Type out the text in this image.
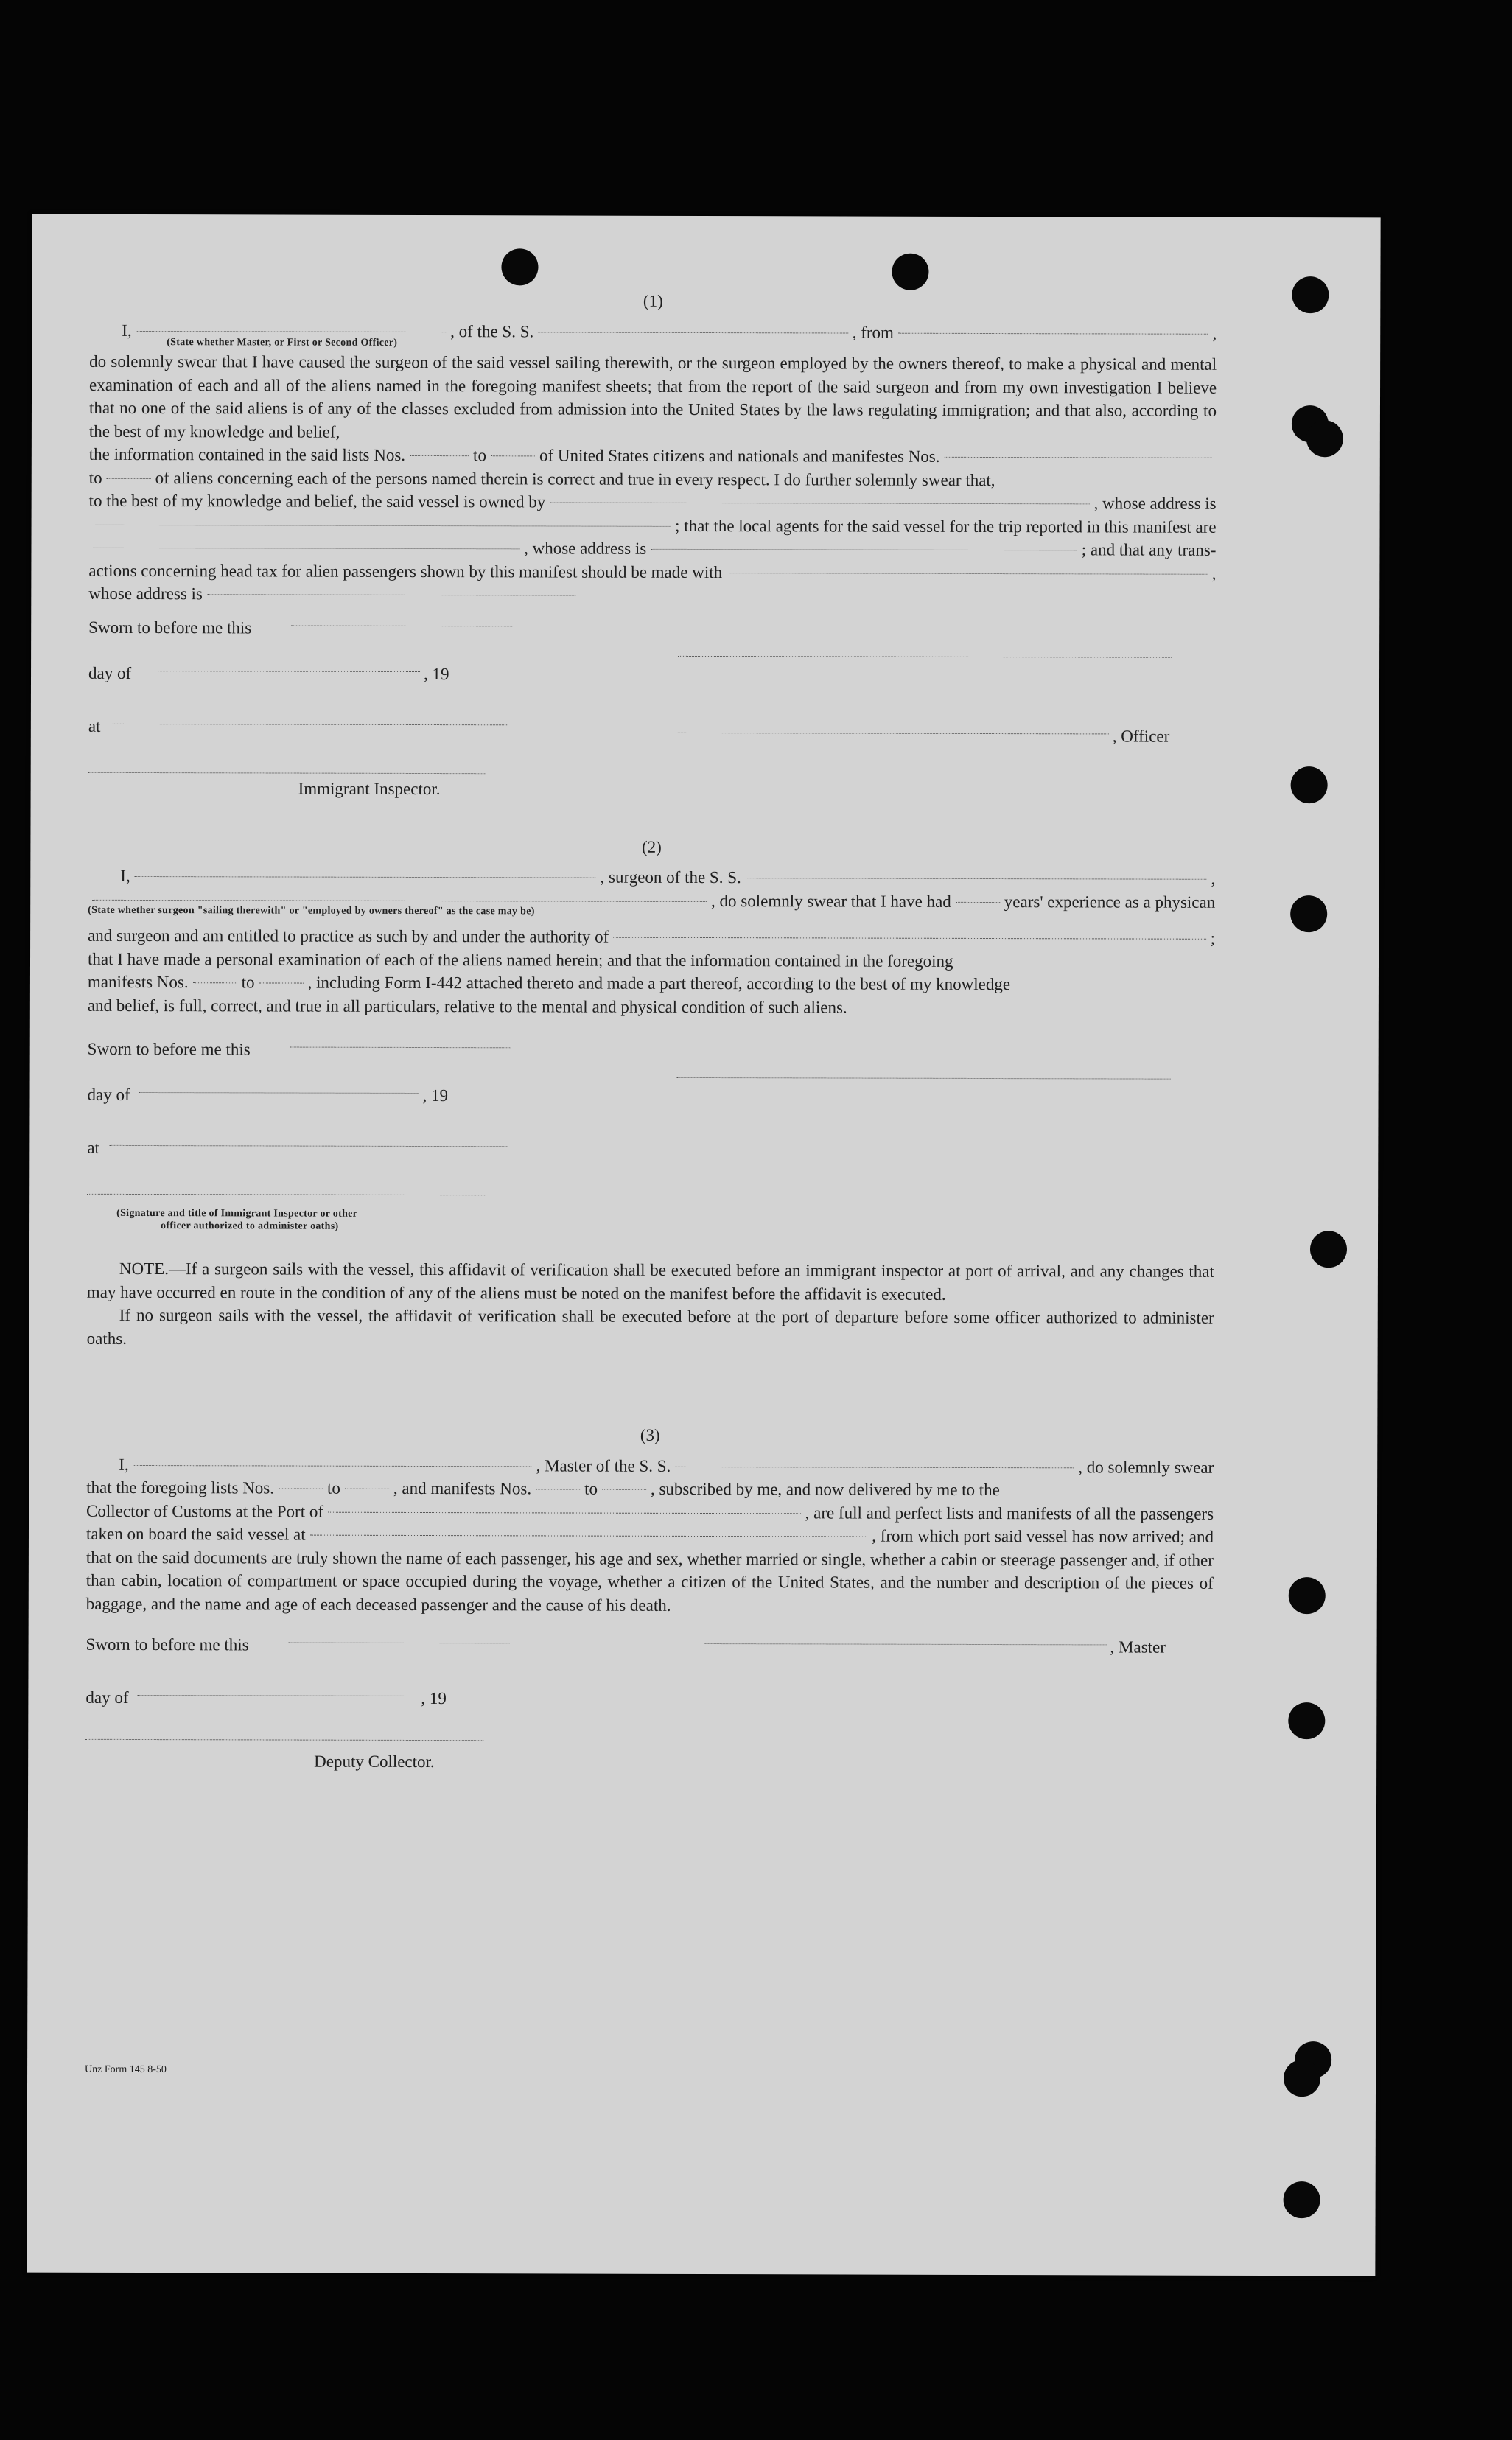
(1)

I,	, of the S. S.	, from	,
(State whether Master, or First or Second Officer)

do solemnly swear that I have caused the surgeon of the said vessel sailing therewith, or the surgeon employed by the owners thereof, to make a physical and mental examination of each and all of the aliens named in the foregoing manifest sheets; that from the report of the said surgeon and from my own investigation I believe that no one of the said aliens is of any of the classes excluded from admission into the United States by the laws regulating immigration; and that also, according to the best of my knowledge and belief,

the information contained in the said lists Nos.	to	of United States citizens and nationals and manifestes Nos.
to	of aliens concerning each of the persons named therein is correct and true in every respect. I do further solemnly swear that,
to the best of my knowledge and belief, the said vessel is owned by	, whose address is
; that the local agents for the said vessel for the trip reported in this manifest are
, whose address is	; and that any trans-
actions concerning head tax for alien passengers shown by this manifest should be made with	,
whose address is
Sworn to before me this
day of	, 19
at
, Officer
Immigrant Inspector.

(2)

I,	, surgeon of the S. S.	,
, do solemnly swear that I have had	years' experience as a physican
(State whether surgeon "sailing therewith" or "employed by owners thereof" as the case may be)
and surgeon and am entitled to practice as such by and under the authority of	;

that I have made a personal examination of each of the aliens named herein; and that the information contained in the foregoing

manifests Nos.	to	, including Form I-442 attached thereto and made a part thereof, according to the best of my knowledge

and belief, is full, correct, and true in all particulars, relative to the mental and physical condition of such aliens.

Sworn to before me this
day of	, 19
at
(Signature and title of Immigrant Inspector or other
officer authorized to administer oaths)

NOTE.—If a surgeon sails with the vessel, this affidavit of verification shall be executed before an immigrant inspector at port of arrival, and any changes that may have occurred en route in the condition of any of the aliens must be noted on the manifest before the affidavit is executed.

If no surgeon sails with the vessel, the affidavit of verification shall be executed before at the port of departure before some officer authorized to administer oaths.

(3)

I,	, Master of the S. S.	, do solemnly swear
that the foregoing lists Nos.	to	, and manifests Nos.	to	, subscribed by me, and now delivered by me to the
Collector of Customs at the Port of	, are full and perfect lists and manifests of all the passengers
taken on board the said vessel at	, from which port said vessel has now arrived; and

that on the said documents are truly shown the name of each passenger, his age and sex, whether married or single, whether a cabin or steerage passenger and, if other than cabin, location of compartment or space occupied during the voyage, whether a citizen of the United States, and the number and description of the pieces of baggage, and the name and age of each deceased passenger and the cause of his death.

Sworn to before me this	, Master
day of	, 19
Deputy Collector.
Unz Form 145 8-50
